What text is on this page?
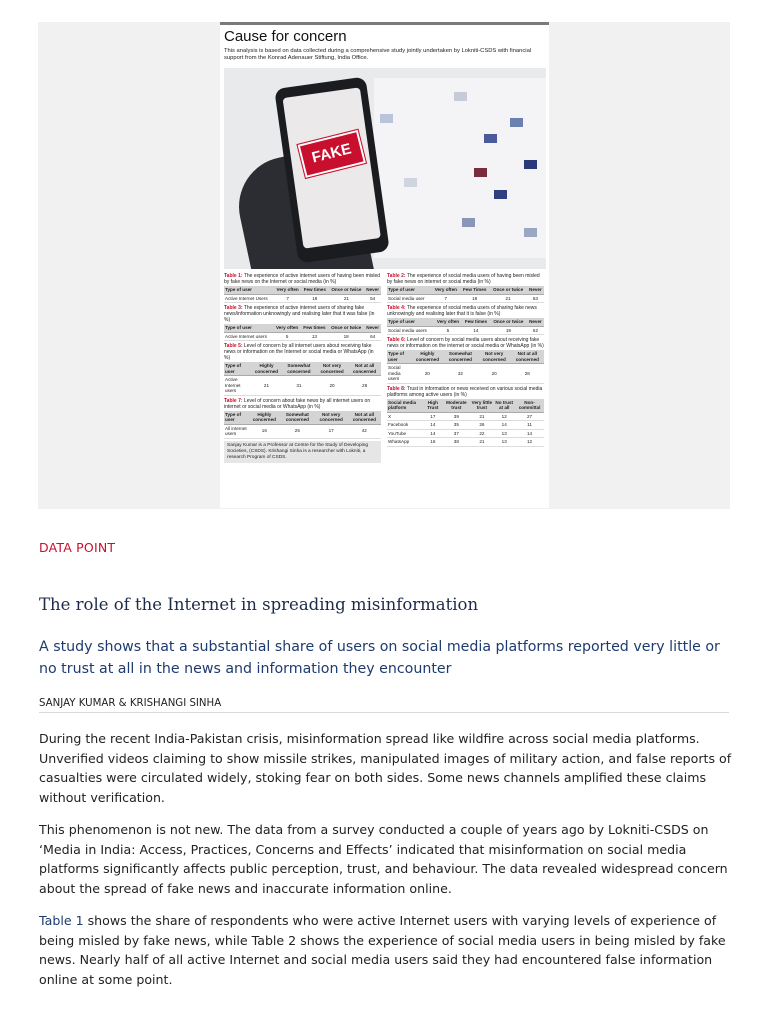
Cause for concern
This analysis is based on data collected during a comprehensive study jointly undertaken by Lokniti-CSDS with financial support from the Konrad Adenauer Stiftung, India Office.
FAKE
Table 1: The experience of active internet users of having been misled by fake news on the Internet or social media (in %)
Type of user	Very often	Few times	Once or twice	Never
Active Internet Users	7	18	21	54
Table 3: The experience of active internet users of sharing fake news/information unknowingly and realising later that it was false (in %)
Type of user	Very often	Few times	Once or twice	Never
Active Internet users	5	13	18	64
Table 5: Level of concern by all internet users about receiving fake news or information on the Internet or social media or WhatsApp (in %)
Type of user	Highly concerned	Somewhat concerned	Not very concerned	Not at all concerned
Active Internet users	21	31	20	28
Table 7: Level of concern about fake news by all internet users on internet or social media or WhatsApp (in %)
Type of user	Highly concerned	Somewhat concerned	Not very concerned	Not at all concerned
All internet users	16	25	17	42
Sanjay Kumar is a Professor at Centre for the Study of Developing Societies, (CSDS). Krishangi Sinha is a researcher with Lokniti, a research Program of CSDS.
Table 2: The experience of social media users of having been misled by fake news on internet or social media (in %)
Type of user	Very often	Few Times	Once or twice	Never
Social media user	7	18	21	53
Table 4: The experience of social media users of sharing fake news unknowingly and realising later that it is false (in %)
Type of user	Very often	Few times	Once or twice	Never
Social media users	5	14	19	62
Table 6: Level of concern by social media users about receiving fake news or information on the internet or social media or WhatsApp (in %)
Type of user	Highly concerned	Somewhat concerned	Not very concerned	Not at all concerned
Social media users	20	32	20	28
Table 8: Trust in information or news received on various social media platforms among active users (in %)
Social media platform	High Trust	Moderate trust	Very little trust	No trust at all	Non-committal
X	17	39	21	12	27
Facebook	14	35	26	14	11
YouTube	14	37	22	13	14
WhatsApp	16	38	21	13	12
DATA POINT
The role of the Internet in spreading misinformation
A study shows that a substantial share of users on social media platforms reported very little or no trust at all in the news and information they encounter
SANJAY KUMAR & KRISHANGI SINHA

During the recent India-Pakistan crisis, misinformation spread like wildfire across social media platforms. Unverified videos claiming to show missile strikes, manipulated images of military action, and false reports of casualties were circulated widely, stoking fear on both sides. Some news channels amplified these claims without verification.

This phenomenon is not new. The data from a survey conducted a couple of years ago by Lokniti-CSDS on ‘Media in India: Access, Practices, Concerns and Effects’ indicated that misinformation on social media platforms significantly affects public perception, trust, and behaviour. The data revealed widespread concern about the spread of fake news and inaccurate information online.

Table 1 shows the share of respondents who were active Internet users with varying levels of experience of being misled by fake news, while Table 2 shows the experience of social media users in being misled by fake news. Nearly half of all active Internet and social media users said they had encountered false information online at some point.
